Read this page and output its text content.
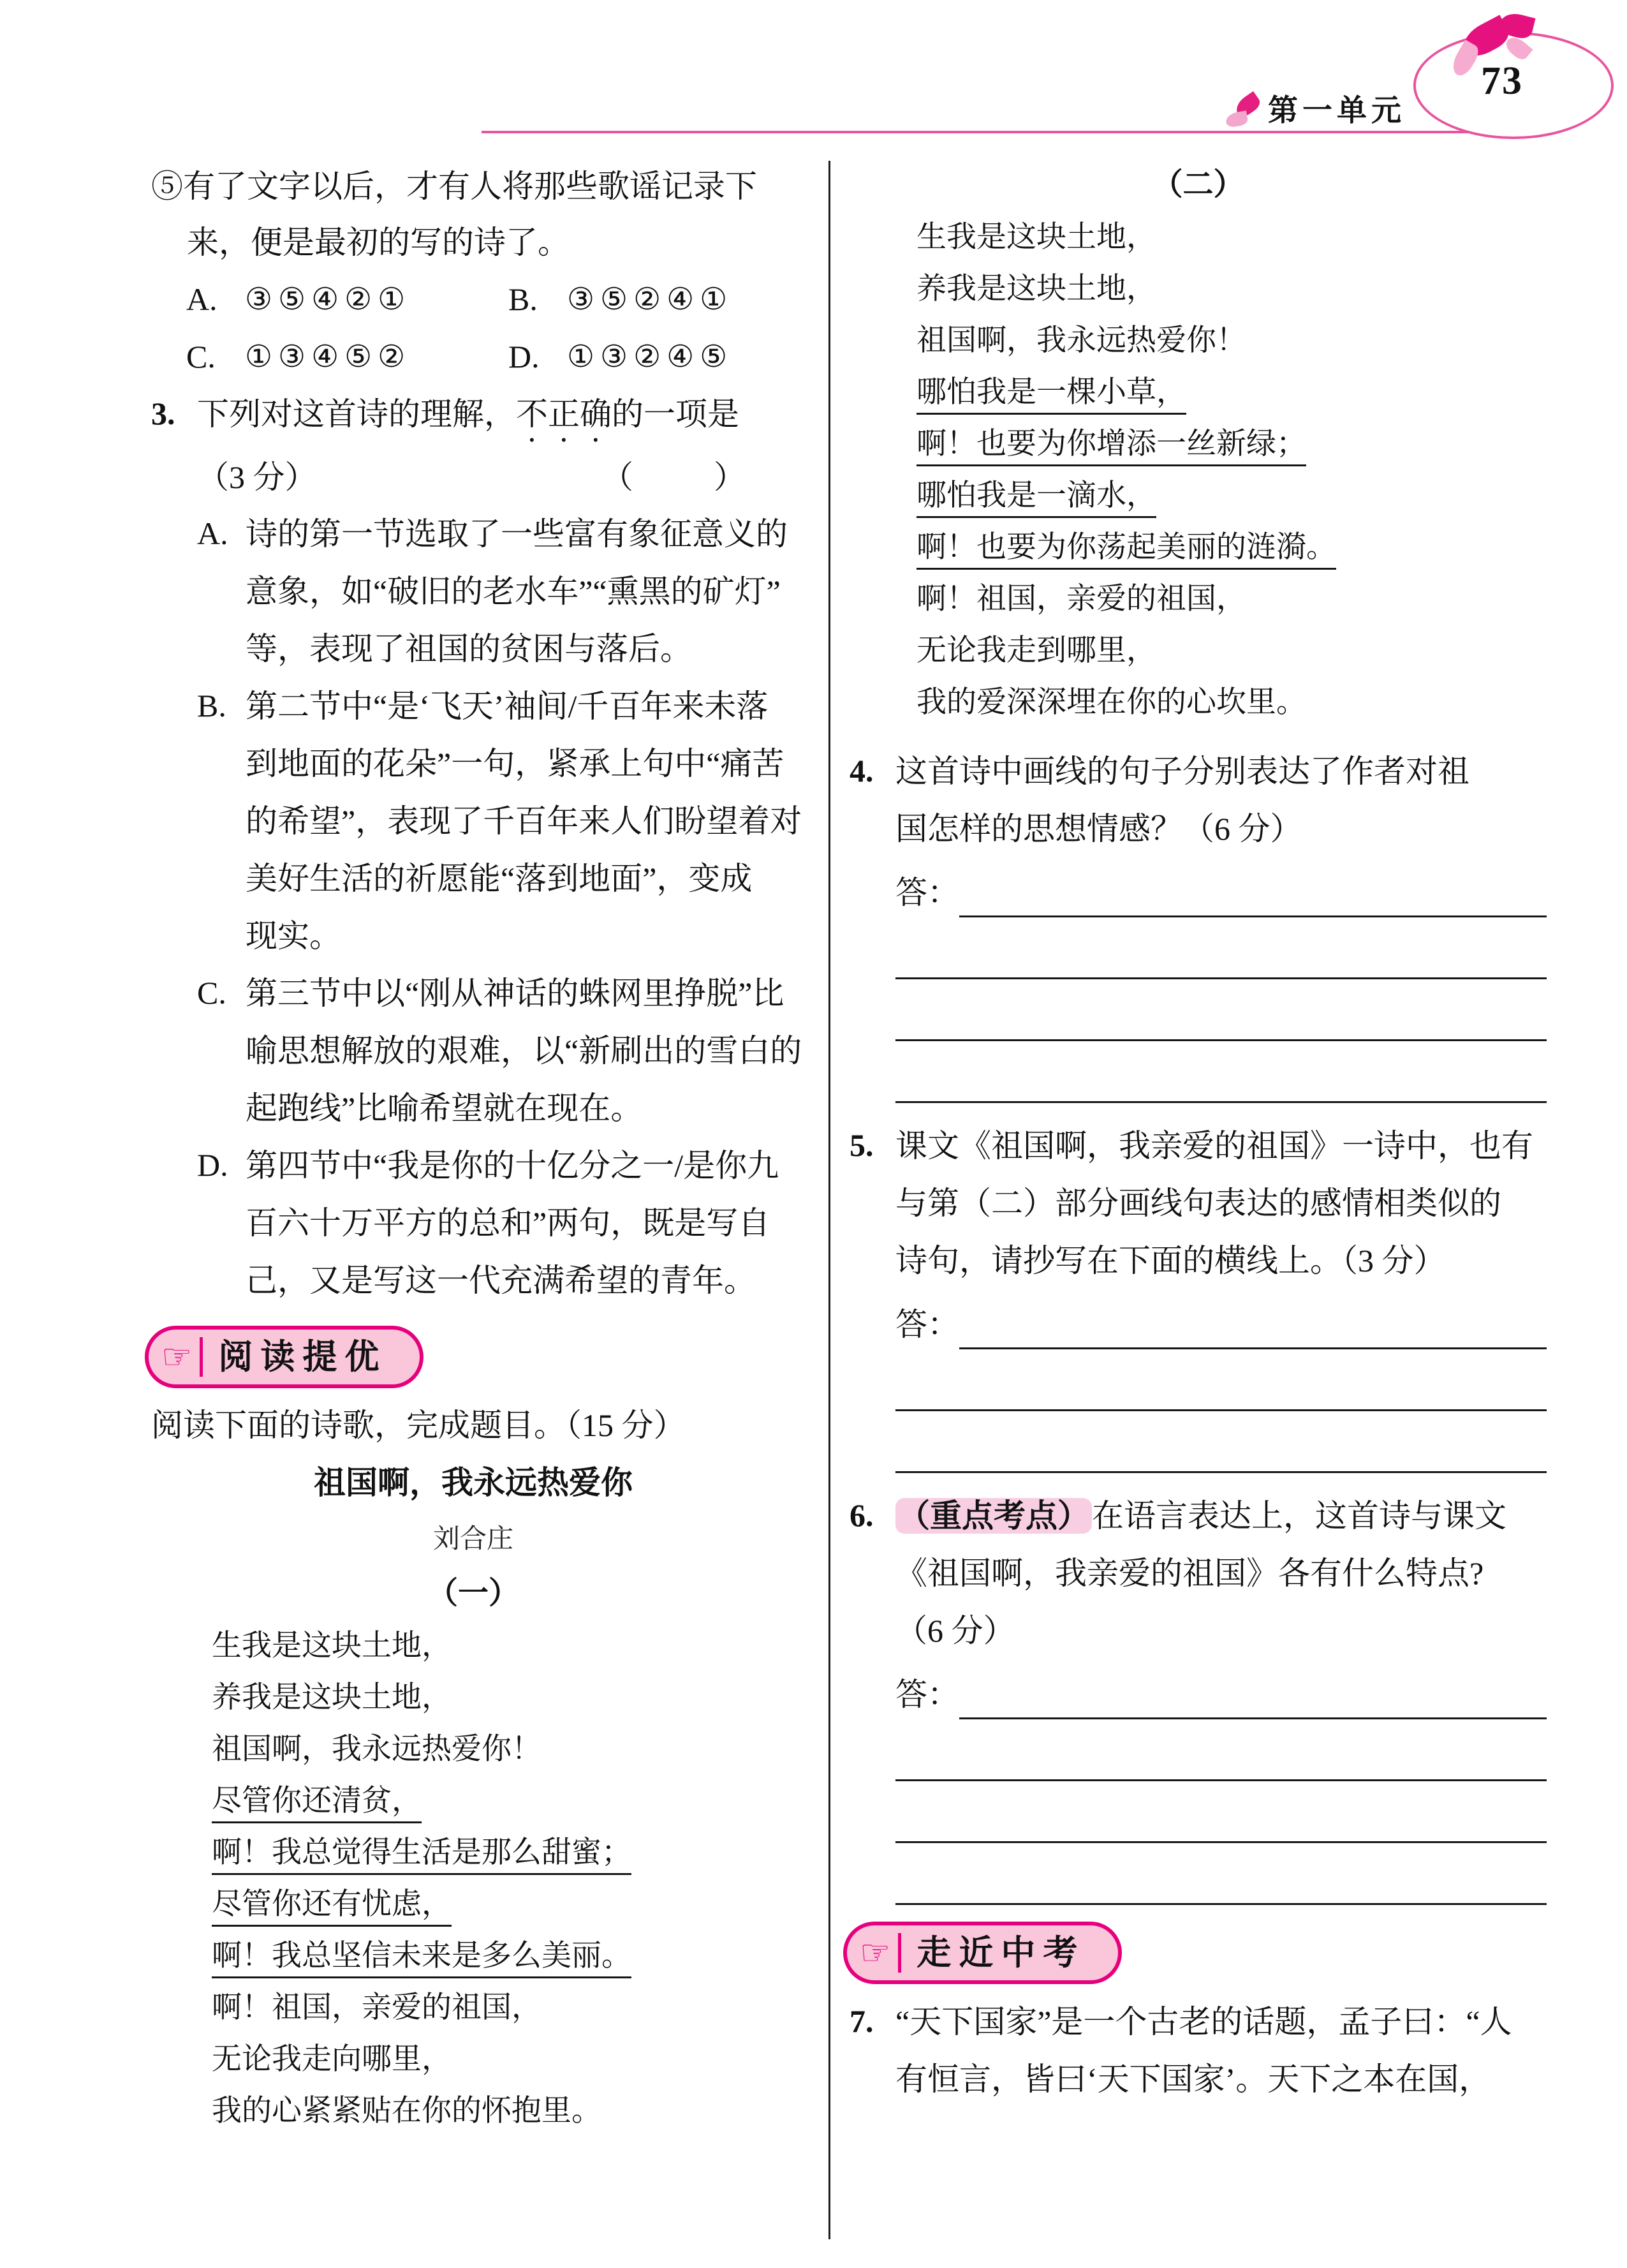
第一单元
73
⑤有了文字以后，才有人将那些歌谣记录下
来，便是最初的写的诗了。
A. ③⑤④②①	B. ③⑤②④①
C. ①③④⑤②	D. ①③②④⑤
3. 下列对这首诗的理解，不正确的一项是
（3 分）	（　）
A. 诗的第一节选取了一些富有象征意义的
意象，如“破旧的老水车”“熏黑的矿灯”
等，表现了祖国的贫困与落后。
B. 第二节中“是‘飞天’袖间/千百年来未落
到地面的花朵”一句，紧承上句中“痛苦
的希望”，表现了千百年来人们盼望着对
美好生活的祈愿能“落到地面”，变成
现实。
C. 第三节中以“刚从神话的蛛网里挣脱”比
喻思想解放的艰难，以“新刷出的雪白的
起跑线”比喻希望就在现在。
D. 第四节中“我是你的十亿分之一/是你九
百六十万平方的总和”两句，既是写自
己，又是写这一代充满希望的青年。
☞ 阅读提优
阅读下面的诗歌，完成题目。（15 分）
祖国啊，我永远热爱你
刘合庄
（一）
生我是这块土地，
养我是这块土地，
祖国啊，我永远热爱你！
尽管你还清贫，
啊！我总觉得生活是那么甜蜜；
尽管你还有忧虑，
啊！我总坚信未来是多么美丽。
啊！祖国，亲爱的祖国，
无论我走向哪里，
我的心紧紧贴在你的怀抱里。
（二）
生我是这块土地，
养我是这块土地，
祖国啊，我永远热爱你！
哪怕我是一棵小草，
啊！也要为你增添一丝新绿；
哪怕我是一滴水，
啊！也要为你荡起美丽的涟漪。
啊！祖国，亲爱的祖国，
无论我走到哪里，
我的爱深深埋在你的心坎里。
4. 这首诗中画线的句子分别表达了作者对祖
国怎样的思想情感？（6 分）
答：
5. 课文《祖国啊，我亲爱的祖国》一诗中，也有
与第（二）部分画线句表达的感情相类似的
诗句，请抄写在下面的横线上。（3 分）
答：
6. （重点考点）在语言表达上，这首诗与课文
《祖国啊，我亲爱的祖国》各有什么特点?
（6 分）
答：
☞ 走近中考
7. “天下国家”是一个古老的话题，孟子曰：“人
有恒言，皆曰‘天下国家’。天下之本在国，
